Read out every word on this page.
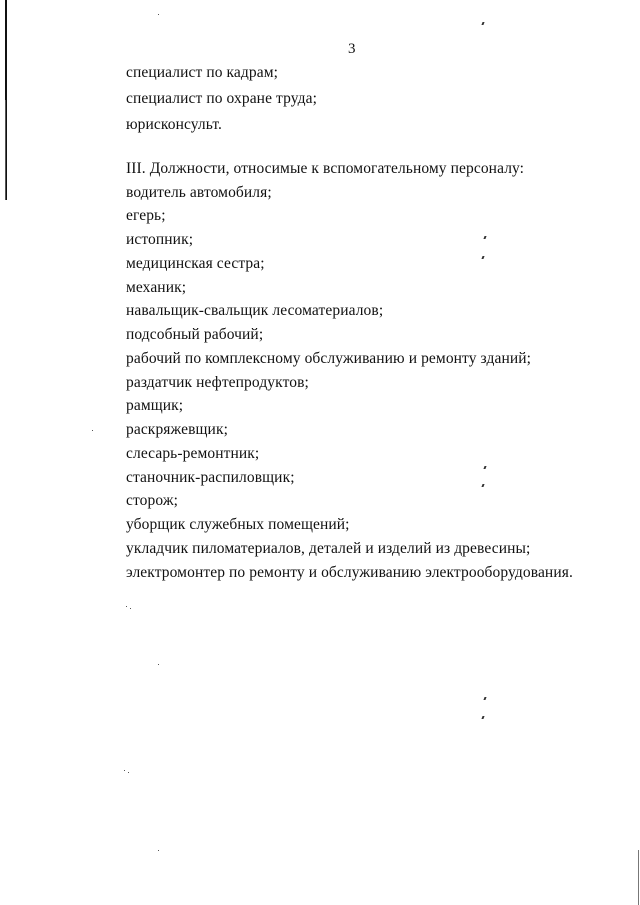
3
специалист по кадрам;
специалист по охране труда;
юрисконсульт.
III. Должности, относимые к вспомогательному персоналу:
водитель автомобиля;
егерь;
истопник;
медицинская сестра;
механик;
навальщик-свальщик лесоматериалов;
подсобный рабочий;
рабочий по комплексному обслуживанию и ремонту зданий;
раздатчик нефтепродуктов;
рамщик;
раскряжевщик;
слесарь-ремонтник;
станочник-распиловщик;
сторож;
уборщик служебных помещений;
укладчик пиломатериалов, деталей и изделий из древесины;
электромонтер по ремонту и обслуживанию электрооборудования.
